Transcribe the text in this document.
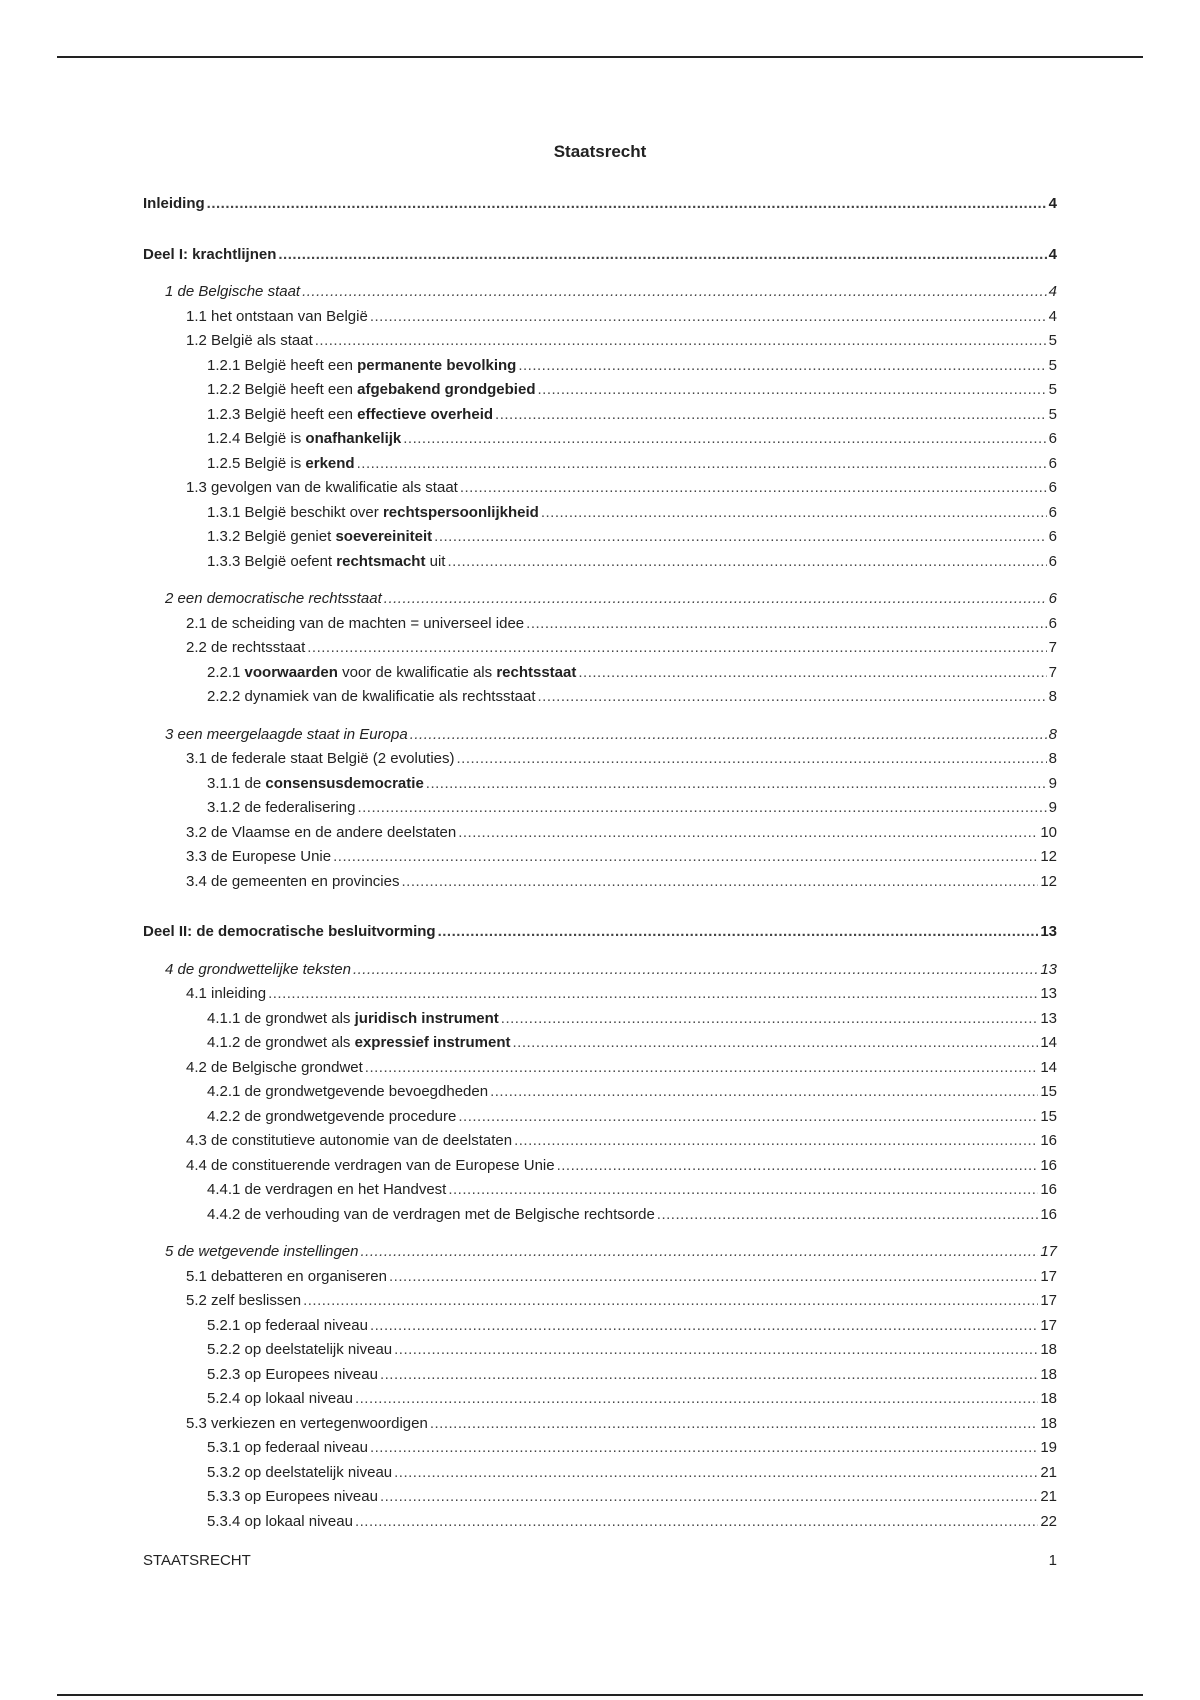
Staatsrecht
Inleiding .....	4
Deel I: krachtlijnen .....	4
1 de Belgische staat .....	4
1.1 het ontstaan van België .....	4
1.2 België als staat .....	5
1.2.1 België heeft een permanente bevolking .....	5
1.2.2 België heeft een afgebakend grondgebied .....	5
1.2.3 België heeft een effectieve overheid .....	5
1.2.4 België is onafhankelijk .....	6
1.2.5 België is erkend .....	6
1.3 gevolgen van de kwalificatie als staat .....	6
1.3.1 België beschikt over rechtspersoonlijkheid .....	6
1.3.2 België geniet soevereiniteit .....	6
1.3.3 België oefent rechtsmacht uit .....	6
2 een democratische rechtsstaat .....	6
2.1 de scheiding van de machten = universeel idee .....	6
2.2 de rechtsstaat .....	7
2.2.1 voorwaarden voor de kwalificatie als rechtsstaat .....	7
2.2.2 dynamiek van de kwalificatie als rechtsstaat .....	8
3 een meergelaagde staat in Europa .....	8
3.1 de federale staat België (2 evoluties) .....	8
3.1.1 de consensusdemocratie .....	9
3.1.2 de federalisering .....	9
3.2 de Vlaamse en de andere deelstaten .....	10
3.3 de Europese Unie .....	12
3.4 de gemeenten en provincies .....	12
Deel II: de democratische besluitvorming .....	13
4 de grondwettelijke teksten .....	13
4.1 inleiding .....	13
4.1.1 de grondwet als juridisch instrument .....	13
4.1.2 de grondwet als expressief instrument .....	14
4.2 de Belgische grondwet .....	14
4.2.1 de grondwetgevende bevoegdheden .....	15
4.2.2 de grondwetgevende procedure .....	15
4.3 de constitutieve autonomie van de deelstaten .....	16
4.4 de constituerende verdragen van de Europese Unie .....	16
4.4.1 de verdragen en het Handvest .....	16
4.4.2 de verhouding van de verdragen met de Belgische rechtsorde .....	16
5 de wetgevende instellingen .....	17
5.1 debatteren en organiseren .....	17
5.2 zelf beslissen .....	17
5.2.1 op federaal niveau .....	17
5.2.2 op deelstatelijk niveau .....	18
5.2.3 op Europees niveau .....	18
5.2.4 op lokaal niveau .....	18
5.3 verkiezen en vertegenwoordigen .....	18
5.3.1 op federaal niveau .....	19
5.3.2 op deelstatelijk niveau .....	21
5.3.3 op Europees niveau .....	21
5.3.4 op lokaal niveau .....	22
STAATSRECHT	1
